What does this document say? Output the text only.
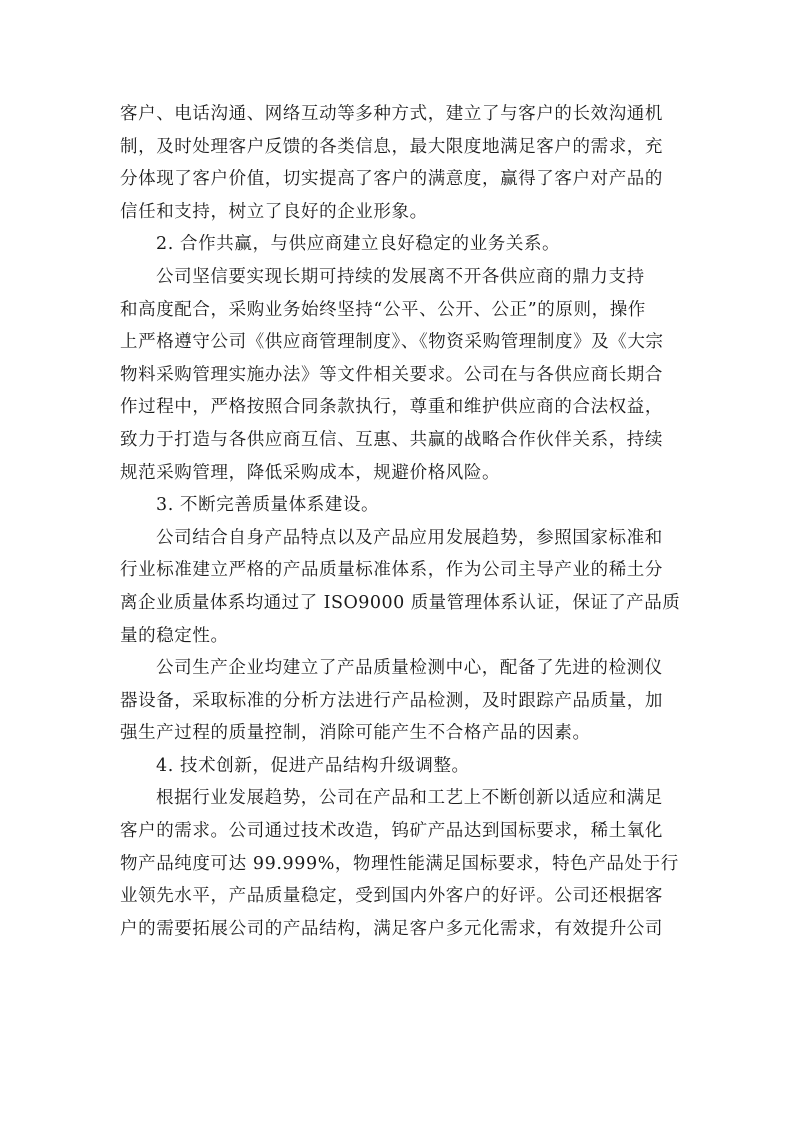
客户、电话沟通、网络互动等多种方式，建立了与客户的长效沟通机
制，及时处理客户反馈的各类信息，最大限度地满足客户的需求，充
分体现了客户价值，切实提高了客户的满意度，赢得了客户对产品的
信任和支持，树立了良好的企业形象。
2. 合作共赢，与供应商建立良好稳定的业务关系。
公司坚信要实现长期可持续的发展离不开各供应商的鼎力支持
和高度配合，采购业务始终坚持“公平、公开、公正”的原则，操作
上严格遵守公司《供应商管理制度》、《物资采购管理制度》及《大宗
物料采购管理实施办法》等文件相关要求。公司在与各供应商长期合
作过程中，严格按照合同条款执行，尊重和维护供应商的合法权益，
致力于打造与各供应商互信、互惠、共赢的战略合作伙伴关系，持续
规范采购管理，降低采购成本，规避价格风险。
3. 不断完善质量体系建设。
公司结合自身产品特点以及产品应用发展趋势，参照国家标准和
行业标准建立严格的产品质量标准体系，作为公司主导产业的稀土分
离企业质量体系均通过了 ISO9000 质量管理体系认证，保证了产品质
量的稳定性。
公司生产企业均建立了产品质量检测中心，配备了先进的检测仪
器设备，采取标准的分析方法进行产品检测，及时跟踪产品质量，加
强生产过程的质量控制，消除可能产生不合格产品的因素。
4. 技术创新，促进产品结构升级调整。
根据行业发展趋势，公司在产品和工艺上不断创新以适应和满足
客户的需求。公司通过技术改造，钨矿产品达到国标要求，稀土氧化
物产品纯度可达 99.999%，物理性能满足国标要求，特色产品处于行
业领先水平，产品质量稳定，受到国内外客户的好评。公司还根据客
户的需要拓展公司的产品结构，满足客户多元化需求，有效提升公司
